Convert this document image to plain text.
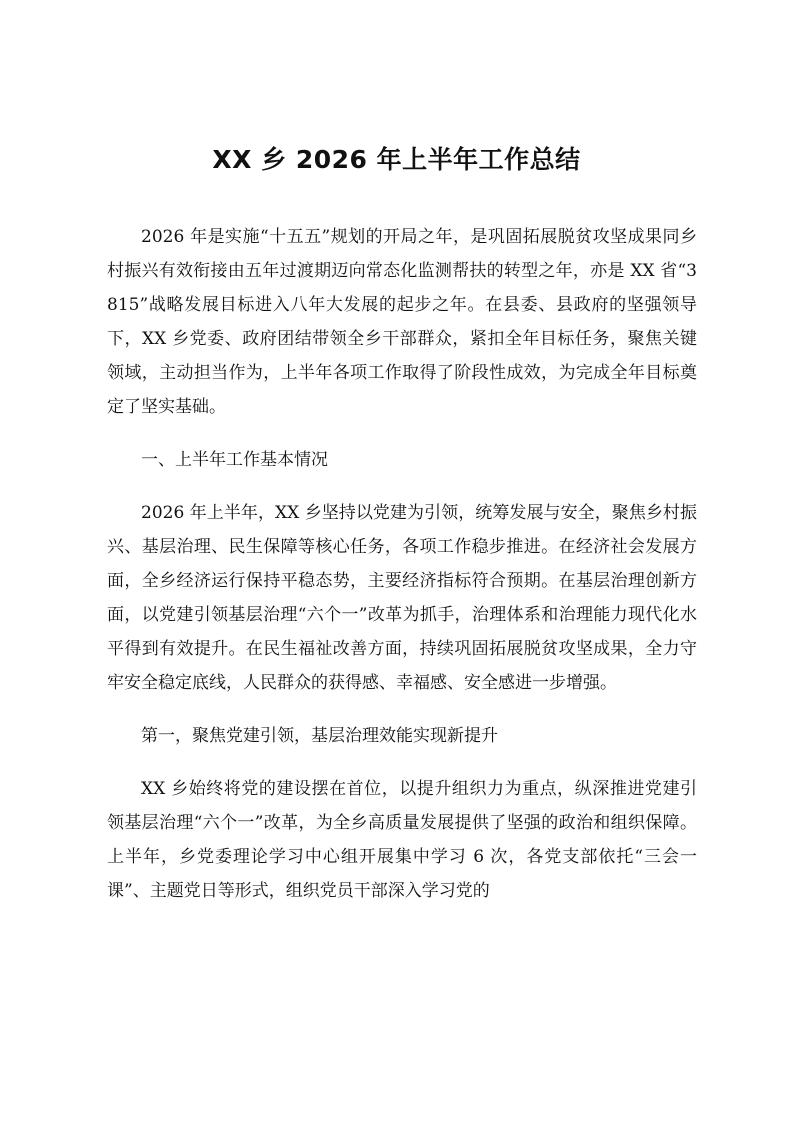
XX 乡 2026 年上半年工作总结

2026 年是实施“十五五”规划的开局之年，是巩固拓展脱贫攻坚成果同乡村振兴有效衔接由五年过渡期迈向常态化监测帮扶的转型之年，亦是 XX 省“3815”战略发展目标进入八年大发展的起步之年。在县委、县政府的坚强领导下，XX 乡党委、政府团结带领全乡干部群众，紧扣全年目标任务，聚焦关键领域，主动担当作为，上半年各项工作取得了阶段性成效，为完成全年目标奠定了坚实基础。

一、上半年工作基本情况

2026 年上半年，XX 乡坚持以党建为引领，统筹发展与安全，聚焦乡村振兴、基层治理、民生保障等核心任务，各项工作稳步推进。在经济社会发展方面，全乡经济运行保持平稳态势，主要经济指标符合预期。在基层治理创新方面，以党建引领基层治理“六个一”改革为抓手，治理体系和治理能力现代化水平得到有效提升。在民生福祉改善方面，持续巩固拓展脱贫攻坚成果，全力守牢安全稳定底线，人民群众的获得感、幸福感、安全感进一步增强。

第一，聚焦党建引领，基层治理效能实现新提升

XX 乡始终将党的建设摆在首位，以提升组织力为重点，纵深推进党建引领基层治理“六个一”改革，为全乡高质量发展提供了坚强的政治和组织保障。上半年，乡党委理论学习中心组开展集中学习 6 次，各党支部依托“三会一课”、主题党日等形式，组织党员干部深入学习党的
